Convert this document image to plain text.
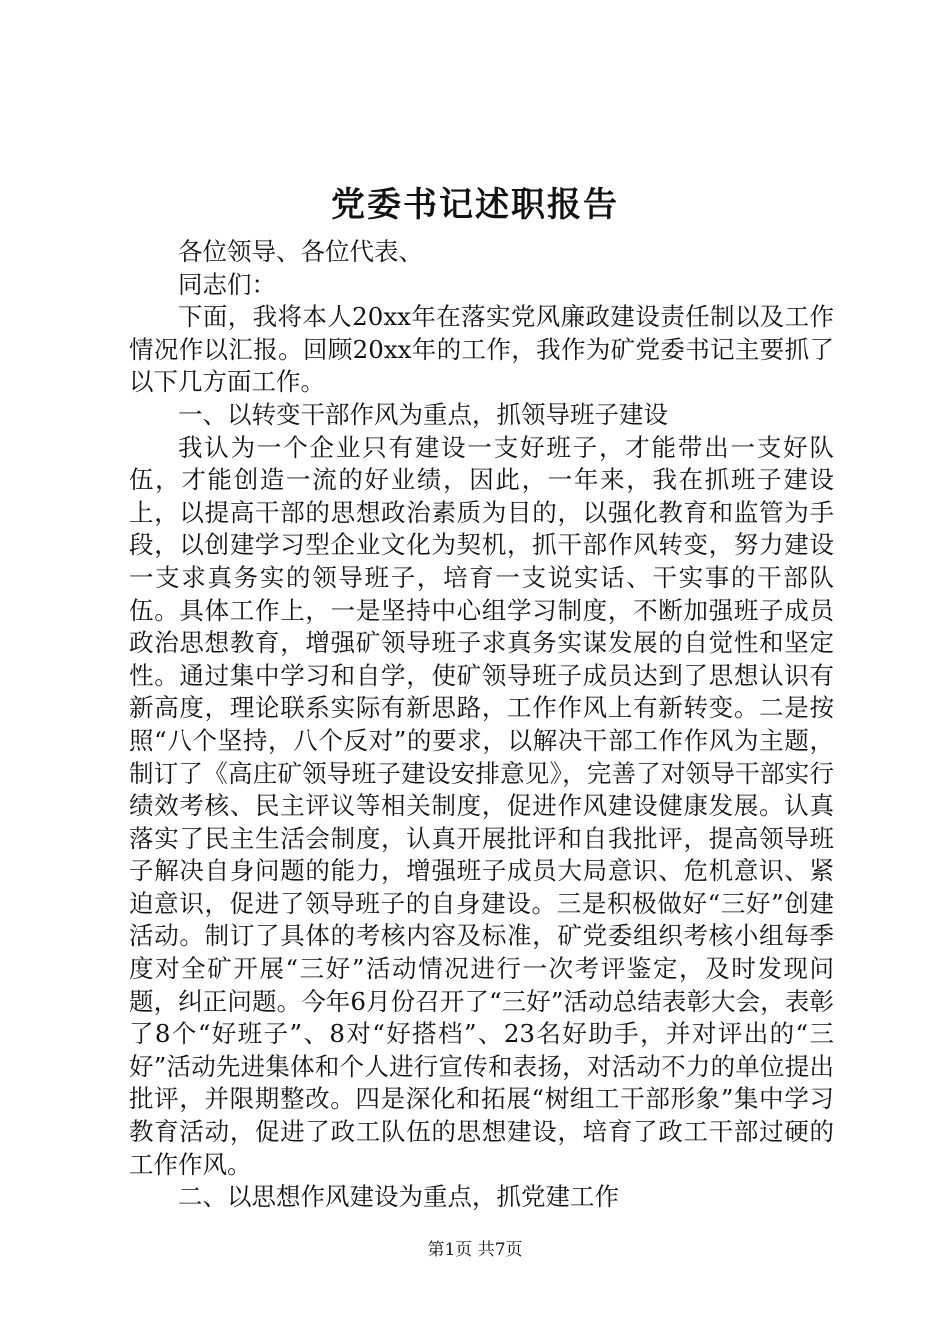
党委书记述职报告

各位领导、各位代表、

同志们：

下面，我将本人20xx年在落实党风廉政建设责任制以及工作情况作以汇报。回顾20xx年的工作，我作为矿党委书记主要抓了以下几方面工作。

一、以转变干部作风为重点，抓领导班子建设

我认为一个企业只有建设一支好班子，才能带出一支好队伍，才能创造一流的好业绩，因此，一年来，我在抓班子建设上，以提高干部的思想政治素质为目的，以强化教育和监管为手段，以创建学习型企业文化为契机，抓干部作风转变，努力建设一支求真务实的领导班子，培育一支说实话、干实事的干部队伍。具体工作上，一是坚持中心组学习制度，不断加强班子成员政治思想教育，增强矿领导班子求真务实谋发展的自觉性和坚定性。通过集中学习和自学，使矿领导班子成员达到了思想认识有新高度，理论联系实际有新思路，工作作风上有新转变。二是按照“八个坚持，八个反对”的要求，以解决干部工作作风为主题，制订了《高庄矿领导班子建设安排意见》，完善了对领导干部实行绩效考核、民主评议等相关制度，促进作风建设健康发展。认真落实了民主生活会制度，认真开展批评和自我批评，提高领导班子解决自身问题的能力，增强班子成员大局意识、危机意识、紧迫意识，促进了领导班子的自身建设。三是积极做好“三好”创建活动。制订了具体的考核内容及标准，矿党委组织考核小组每季度对全矿开展“三好”活动情况进行一次考评鉴定，及时发现问题，纠正问题。今年6月份召开了“三好”活动总结表彰大会，表彰了8个“好班子”、8对“好搭档”、23名好助手，并对评出的“三好”活动先进集体和个人进行宣传和表扬，对活动不力的单位提出批评，并限期整改。四是深化和拓展“树组工干部形象”集中学习教育活动，促进了政工队伍的思想建设，培育了政工干部过硬的工作作风。

二、以思想作风建设为重点，抓党建工作

第1页 共7页
